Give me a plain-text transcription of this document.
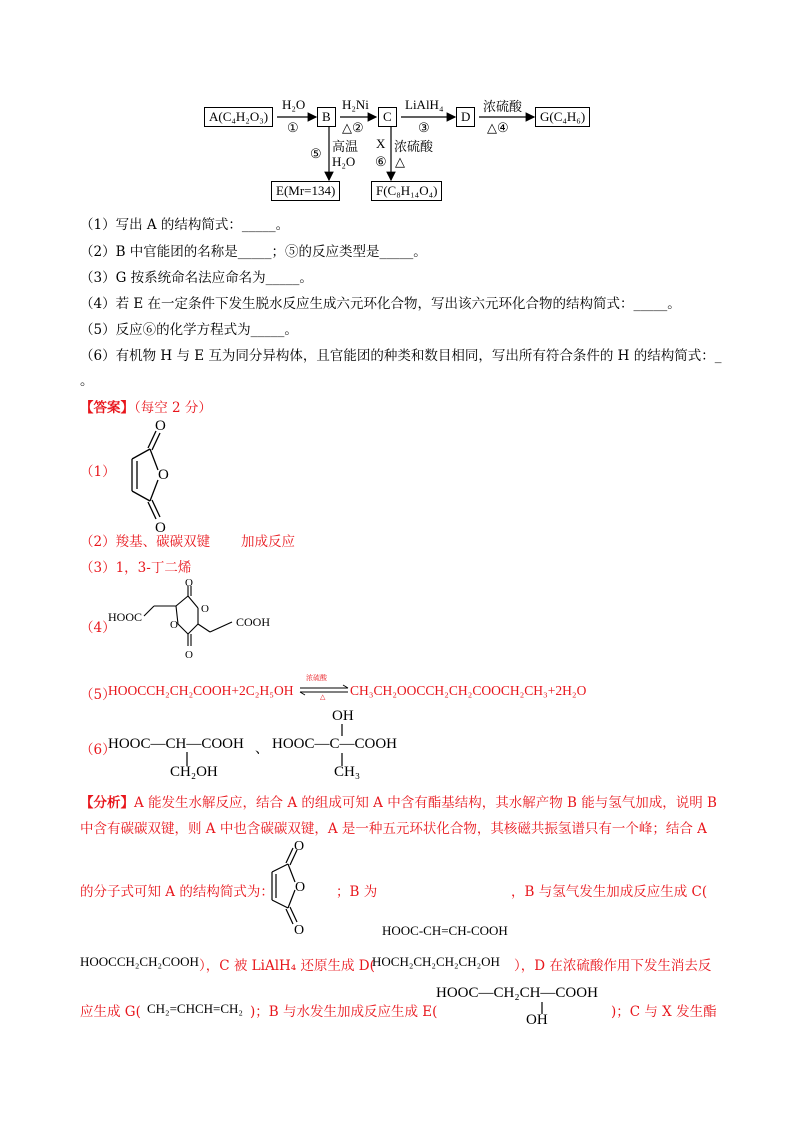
A(C₄H₂O₃)	B	C	D	G(C₄H₆)
E(Mr=134)	F(C₈H₁₄O₄)
H₂O
①
H₂Ni
△②
LiAlH₄
③
浓硫酸
△④
⑤ 高温
H₂O
X 浓硫酸
⑥ △
（1）写出 A 的结构简式：_____。
（2）B 中官能团的名称是_____；⑤的反应类型是_____。
（3）G 按系统命名法应命名为_____。
（4）若 E 在一定条件下发生脱水反应生成六元环化合物，写出该六元环化合物的结构简式：_____。
（5）反应⑥的化学方程式为_____。
（6）有机物 H 与 E 互为同分异构体，且官能团的种类和数目相同，写出所有符合条件的 H 的结构简式：_
。
【答案】（每空 2 分）
（1）	O
O
O
（2）羧基、碳碳双键 加成反应
（3）1，3-丁二烯
（4）
HOOC	COOH
O
O
O
O
（5）
HOOCCH₂CH₂COOH+2C₂H₅OH
浓硫酸
△ CH₃CH₂OOCCH₂CH₂COOCH₂CH₃+2H₂O
（6）
HOOC—CH—COOH
CH₂OH
、
OH
HOOC—C—COOH
CH₃
【分析】A 能发生水解反应，结合 A 的组成可知 A 中含有酯基结构，其水解产物 B 能与氢气加成，说明 B
中含有碳碳双键，则 A 中也含碳碳双键，A 是一种五元环状化合物，其核磁共振氢谱只有一个峰；结合 A
的分子式可知 A 的结构简式为： O
O
O
；B 为	，B 与氢气发生加成反应生成 C(
HOOC-CH=CH-COOH
HOOCCH₂CH₂COOH ），C 被 LiAlH₄ 还原生成 D(
HOCH₂CH₂CH₂CH₂OH ），D 在浓硫酸作用下发生消去反
应生成 G( CH₂=CHCH=CH₂ )；B 与水发生加成反应生成 E(
HOOC—CH₂CH—COOH
OH	)；C 与 X 发生酯
